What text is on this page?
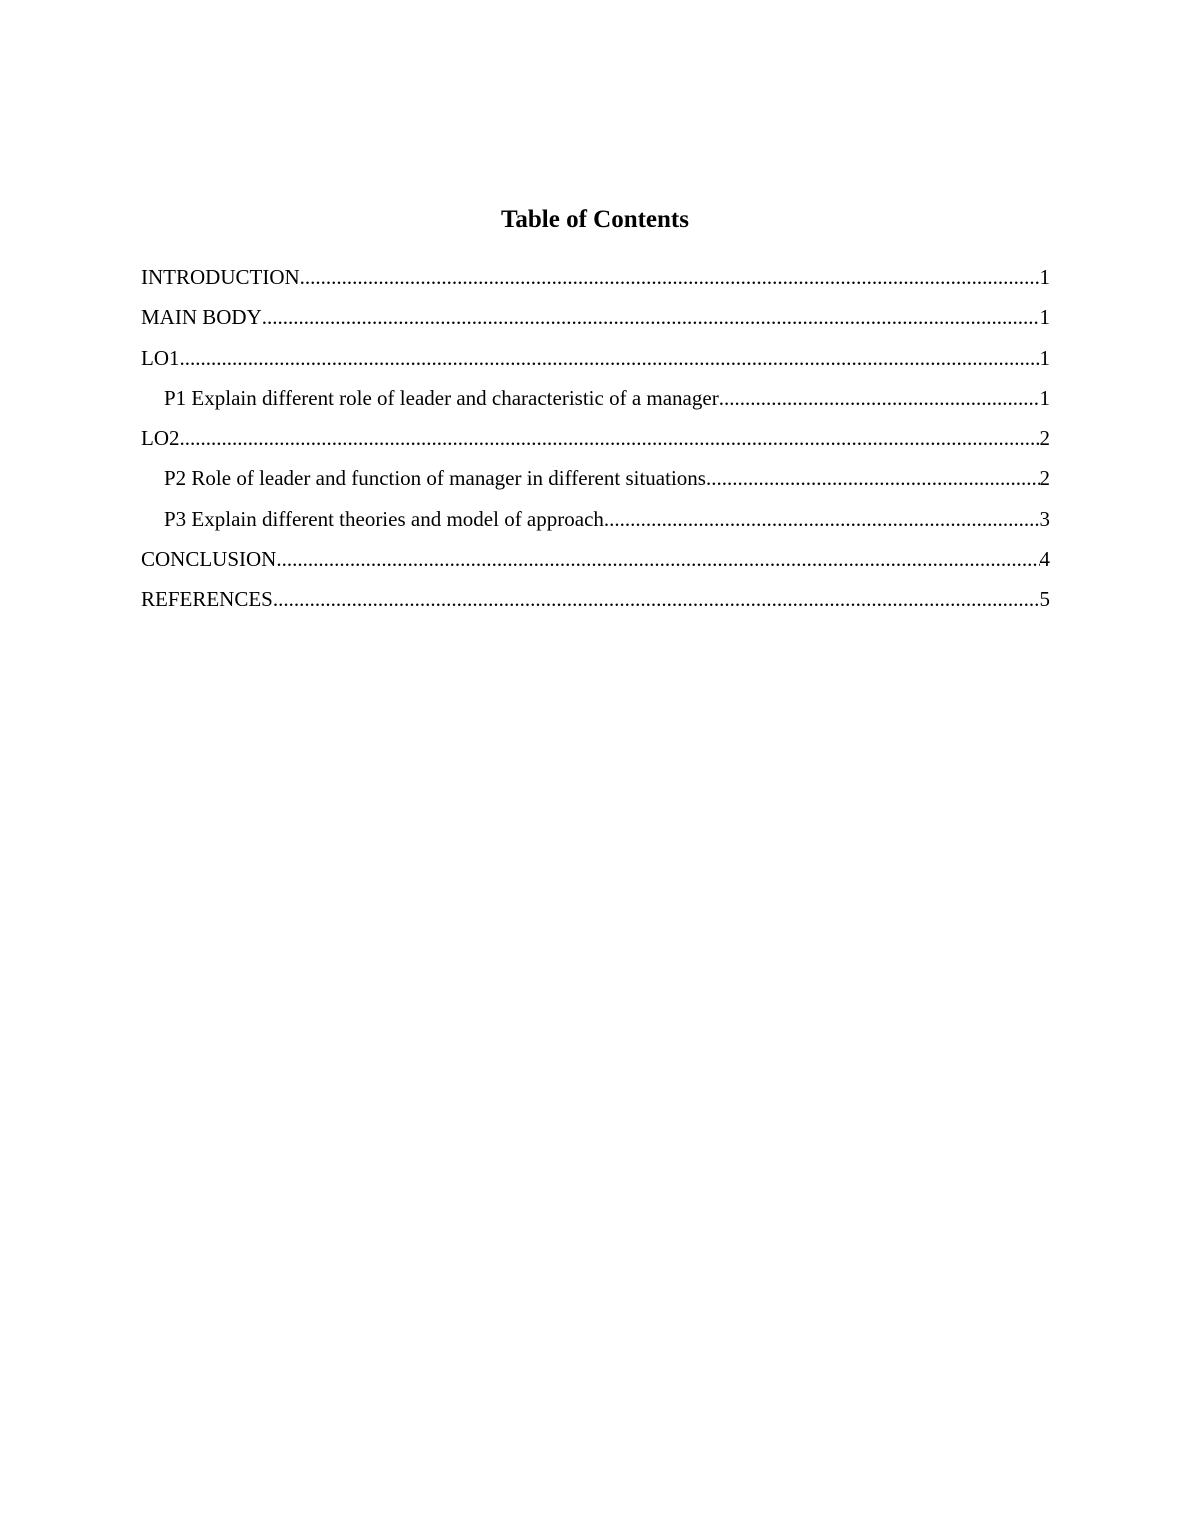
Table of Contents
INTRODUCTION .....	1
MAIN BODY .....	1
LO1 .....	1
P1 Explain different role of leader and characteristic of a manager .....	1
LO2 .....	2
P2 Role of leader and function of manager in different situations .....	2
P3 Explain different theories and model of approach .....	3
CONCLUSION .....	4
REFERENCES .....	5
